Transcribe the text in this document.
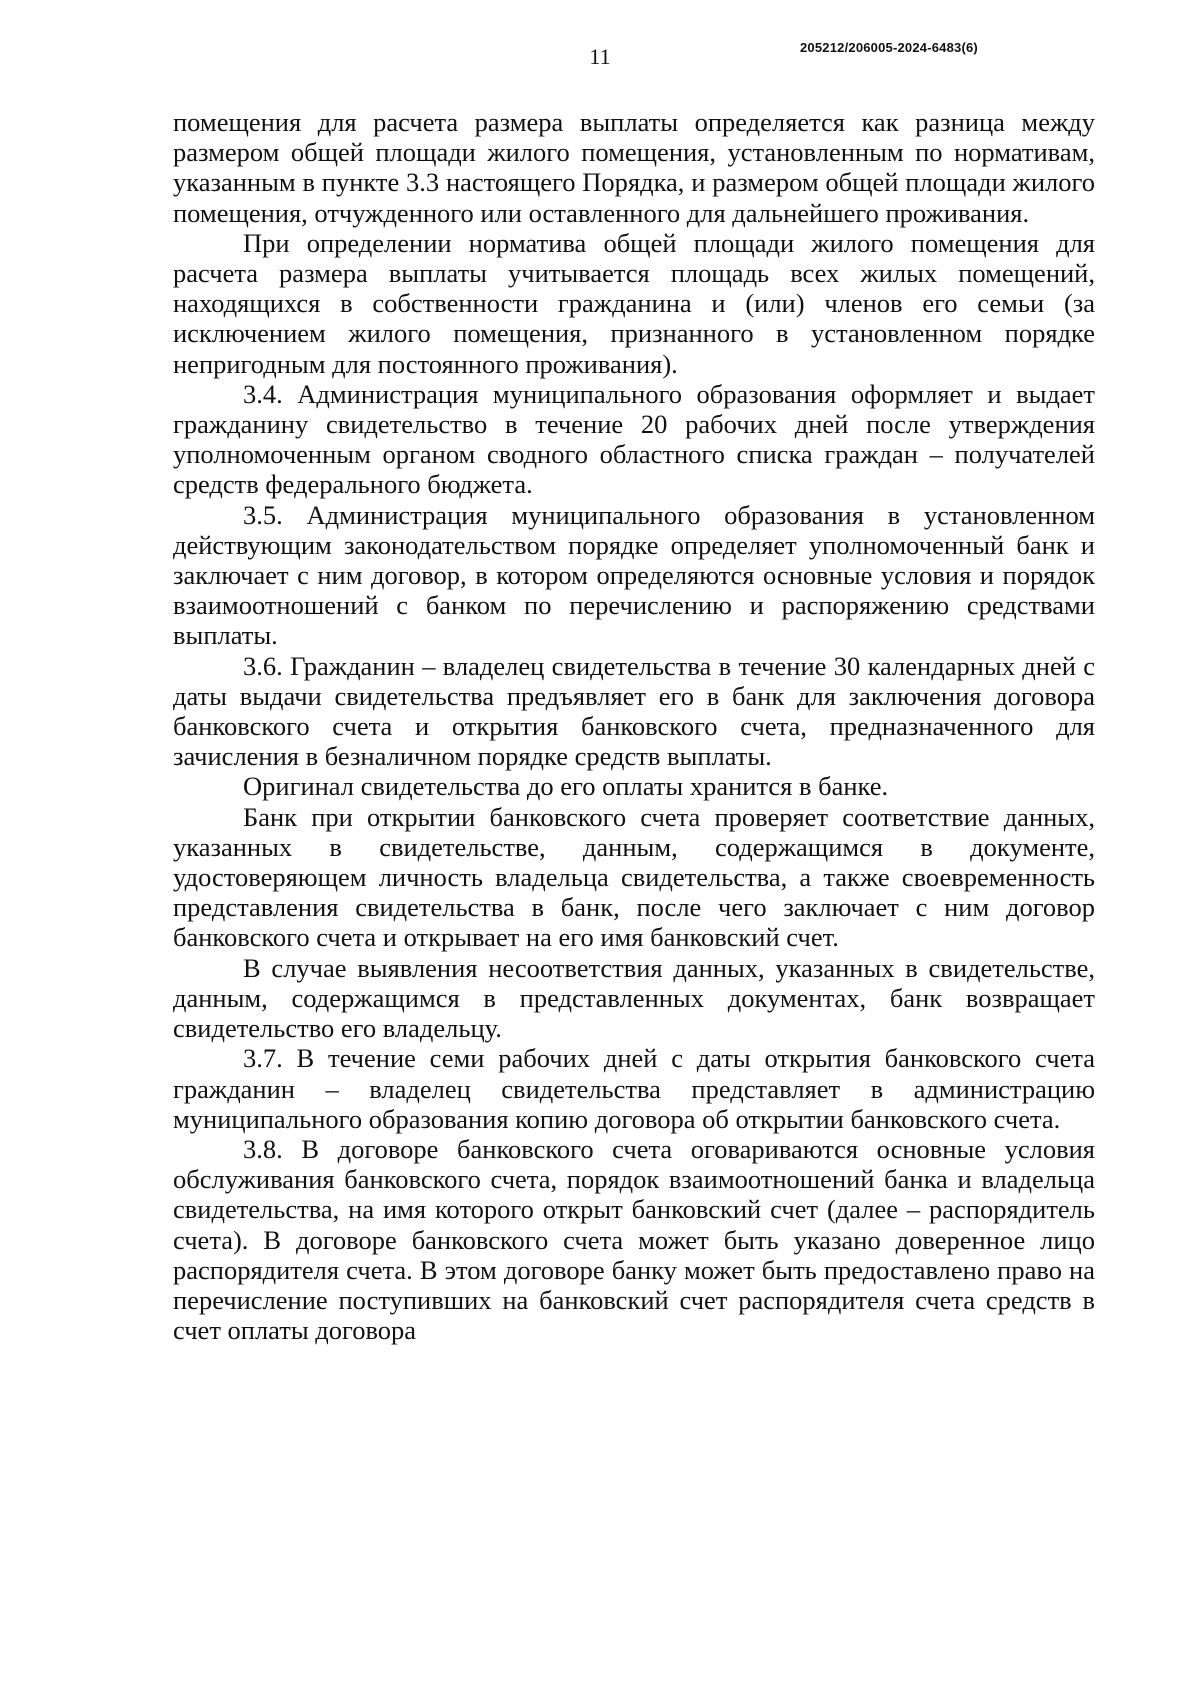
11	205212/206005-2024-6483(6)

помещения для расчета размера выплаты определяется как разница между размером общей площади жилого помещения, установленным по нормативам, указанным в пункте 3.3 настоящего Порядка, и размером общей площади жилого помещения, отчужденного или оставленного для дальнейшего проживания.

При определении норматива общей площади жилого помещения для расчета размера выплаты учитывается площадь всех жилых помещений, находящихся в собственности гражданина и (или) членов его семьи (за исключением жилого помещения, признанного в установленном порядке непригодным для постоянного проживания).

3.4. Администрация муниципального образования оформляет и выдает гражданину свидетельство в течение 20 рабочих дней после утверждения уполномоченным органом сводного областного списка граждан – получателей средств федерального бюджета.

3.5. Администрация муниципального образования в установленном действующим законодательством порядке определяет уполномоченный банк и заключает с ним договор, в котором определяются основные условия и порядок взаимоотношений с банком по перечислению и распоряжению средствами выплаты.

3.6. Гражданин – владелец свидетельства в течение 30 календарных дней с даты выдачи свидетельства предъявляет его в банк для заключения договора банковского счета и открытия банковского счета, предназначенного для зачисления в безналичном порядке средств выплаты.

Оригинал свидетельства до его оплаты хранится в банке.

Банк при открытии банковского счета проверяет соответствие данных, указанных в свидетельстве, данным, содержащимся в документе, удостоверяющем личность владельца свидетельства, а также своевременность представления свидетельства в банк, после чего заключает с ним договор банковского счета и открывает на его имя банковский счет.

В случае выявления несоответствия данных, указанных в свидетельстве, данным, содержащимся в представленных документах, банк возвращает свидетельство его владельцу.

3.7. В течение семи рабочих дней с даты открытия банковского счета гражданин – владелец свидетельства представляет в администрацию муниципального образования копию договора об открытии банковского счета.

3.8. В договоре банковского счета оговариваются основные условия обслуживания банковского счета, порядок взаимоотношений банка и владельца свидетельства, на имя которого открыт банковский счет (далее – распорядитель счета). В договоре банковского счета может быть указано доверенное лицо распорядителя счета. В этом договоре банку может быть предоставлено право на перечисление поступивших на банковский счет распорядителя счета средств в счет оплаты договора
